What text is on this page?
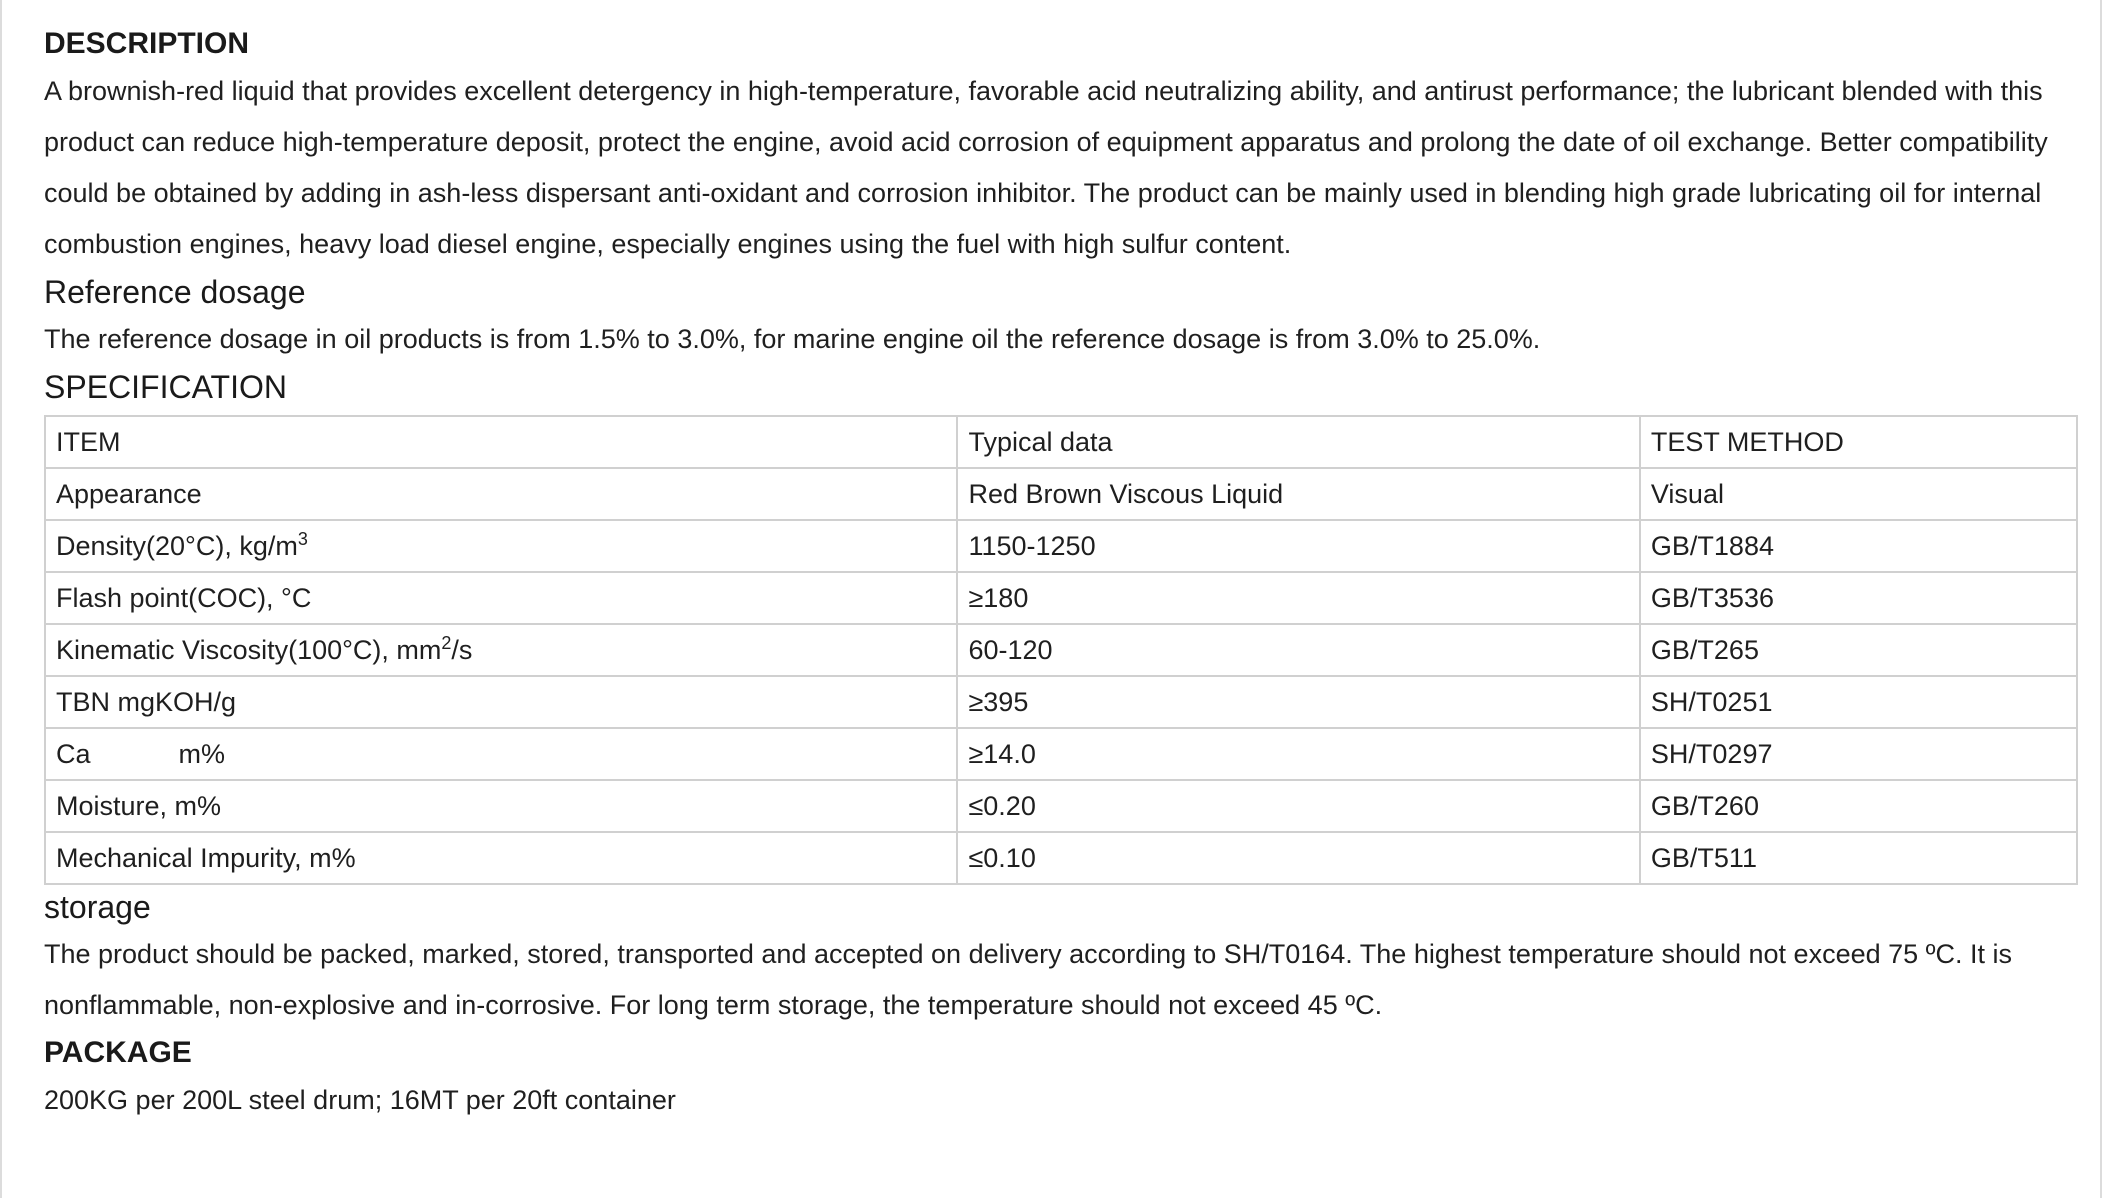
DESCRIPTION

A brownish-red liquid that provides excellent detergency in high-temperature, favorable acid neutralizing ability, and antirust performance; the lubricant blended with this product can reduce high-temperature deposit, protect the engine, avoid acid corrosion of equipment apparatus and prolong the date of oil exchange. Better compatibility could be obtained by adding in ash-less dispersant anti-oxidant and corrosion inhibitor. The product can be mainly used in blending high grade lubricating oil for internal combustion engines, heavy load diesel engine, especially engines using the fuel with high sulfur content.

Reference dosage

The reference dosage in oil products is from 1.5% to 3.0%, for marine engine oil the reference dosage is from 3.0% to 25.0%.

SPECIFICATION
ITEM	Typical data	TEST METHOD
Appearance	Red Brown Viscous Liquid	Visual
Density(20°C), $kg/m^3$	1150-1250	GB/T1884
Flash point(COC), °C	≥180	GB/T3536
Kinematic Viscosity(100°C), $mm^2/s$	60-120	GB/T265
TBN mgKOH/g	≥395	SH/T0251
Ca m%	≥14.0	SH/T0297
Moisture, m%	≤0.20	GB/T260
Mechanical Impurity, m%	≤0.10	GB/T511
storage

The product should be packed, marked, stored, transported and accepted on delivery according to SH/T0164. The highest temperature should not exceed 75 ºC. It is nonflammable, non-explosive and in-corrosive. For long term storage, the temperature should not exceed 45 ºC.

PACKAGE

200KG per 200L steel drum; 16MT per 20ft container
